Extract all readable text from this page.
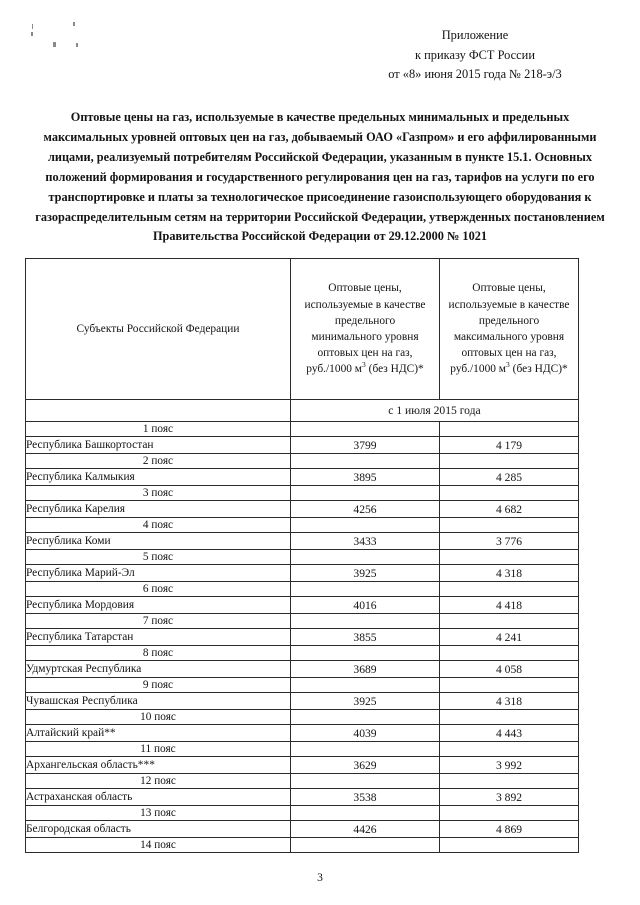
Приложение
к приказу ФСТ России
от «8» июня 2015 года № 218-э/3
Оптовые цены на газ, используемые в качестве предельных минимальных и предельных максимальных уровней оптовых цен на газ, добываемый ОАО «Газпром» и его аффилированными лицами, реализуемый потребителям Российской Федерации, указанным в пункте 15.1. Основных положений формирования и государственного регулирования цен на газ, тарифов на услуги по его транспортировке и платы за технологическое присоединение газоиспользующего оборудования к газораспределительным сетям на территории Российской Федерации, утвержденных постановлением Правительства Российской Федерации от 29.12.2000 № 1021
Субъекты Российской Федерации	Оптовые цены,
используемые в качестве
предельного
минимального уровня
оптовых цен на газ,
руб./1000 $м^3$ (без НДС)*	Оптовые цены,
используемые в качестве
предельного
максимального уровня
оптовых цен на газ,
руб./1000 $м^3$ (без НДС)*
	с 1 июля 2015 года	
1 пояс		
Республика Башкортостан	3799	4 179
2 пояс		
Республика Калмыкия	3895	4 285
3 пояс		
Республика Карелия	4256	4 682
4 пояс		
Республика Коми	3433	3 776
5 пояс		
Республика Марий-Эл	3925	4 318
6 пояс		
Республика Мордовия	4016	4 418
7 пояс		
Республика Татарстан	3855	4 241
8 пояс		
Удмуртская Республика	3689	4 058
9 пояс		
Чувашская Республика	3925	4 318
10 пояс		
Алтайский край**	4039	4 443
11 пояс		
Архангельская область***	3629	3 992
12 пояс		
Астраханская область	3538	3 892
13 пояс		
Белгородская область	4426	4 869
14 пояс		
3
